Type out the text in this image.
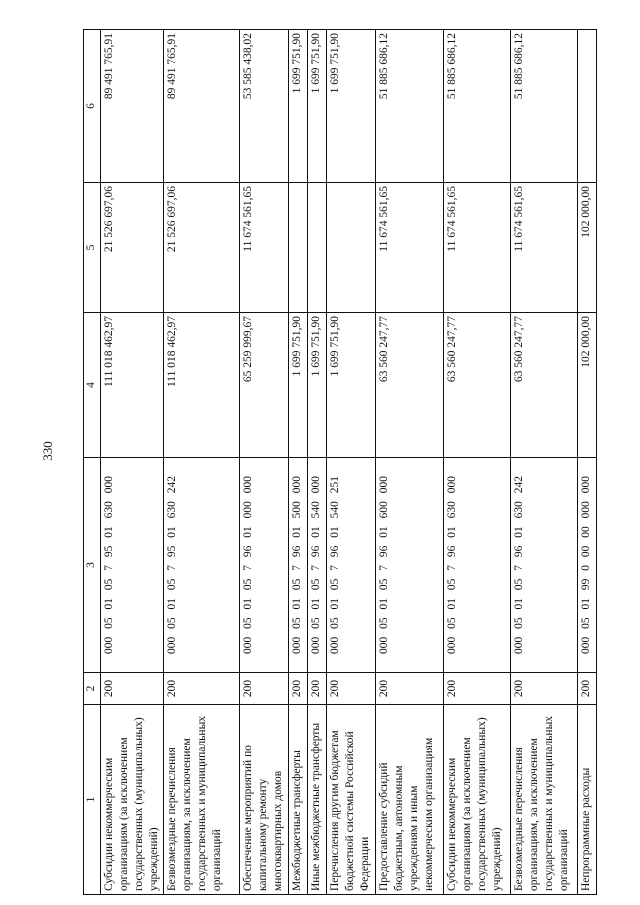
330
1	2	3	4	5	6
Субсидии некоммерческим организациям (за исключением государственных (муниципальных) учреждений)	200	000 05 01 05 7 95 01 630 000	111 018 462,97	21 526 697,06	89 491 765,91
Безвозмездные перечисления организациям, за исключением государственных и муниципальных организаций	200	000 05 01 05 7 95 01 630 242	111 018 462,97	21 526 697,06	89 491 765,91
Обеспечение мероприятий по капитальному ремонту многоквартирных домов	200	000 05 01 05 7 96 01 000 000	65 259 999,67	11 674 561,65	53 585 438,02
Межбюджетные трансферты	200	000 05 01 05 7 96 01 500 000	1 699 751,90		1 699 751,90
Иные межбюджетные трансферты	200	000 05 01 05 7 96 01 540 000	1 699 751,90		1 699 751,90
Перечисления другим бюджетам бюджетной системы Российской Федерации	200	000 05 01 05 7 96 01 540 251	1 699 751,90		1 699 751,90
Предоставление субсидий бюджетным, автономным учреждениям и иным некоммерческим организациям	200	000 05 01 05 7 96 01 600 000	63 560 247,77	11 674 561,65	51 885 686,12
Субсидии некоммерческим организациям (за исключением государственных (муниципальных) учреждений)	200	000 05 01 05 7 96 01 630 000	63 560 247,77	11 674 561,65	51 885 686,12
Безвозмездные перечисления организациям, за исключением государственных и муниципальных организаций	200	000 05 01 05 7 96 01 630 242	63 560 247,77	11 674 561,65	51 885 686,12
Непрограммные расходы	200	000 05 01 99 0 00 00 000 000	102 000,00	102 000,00	
